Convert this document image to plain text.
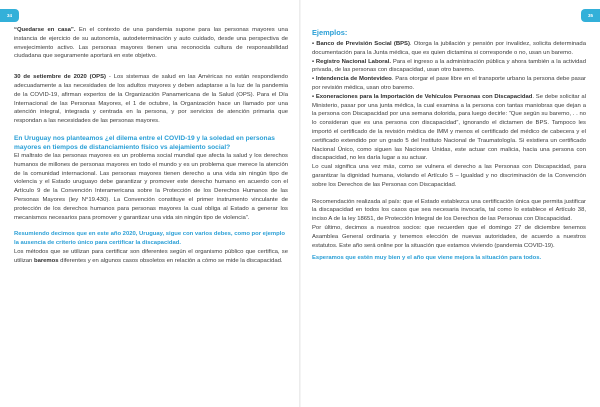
34

“Quedarse en casa”. En el contexto de una pandemia supone para las personas mayores una instancia de ejercicio de su autonomía, autodeterminación y auto cuidado, desde una perspectiva de envejecimiento activo. Las personas mayores tienen una reconocida cultura de responsabilidad ciudadana que seguramente aportará en este objetivo.

30 de setiembre de 2020 (OPS) - Los sistemas de salud en las Américas no están respondiendo adecuadamente a las necesidades de los adultos mayores y deben adaptarse a la luz de la pandemia de la COVID-19, afirman expertos de la Organización Panamericana de la Salud (OPS). Para el Día Internacional de las Personas Mayores, el 1 de octubre, la Organización hace un llamado por una atención integral, integrada y centrada en la persona, y por servicios de atención primaria que respondan a las necesidades de las personas mayores.

En Uruguay nos planteamos ¿el dilema entre el COVID-19 y la soledad en personas mayores en tiempos de distanciamiento físico vs alejamiento social?

El maltrato de las personas mayores es un problema social mundial que afecta la salud y los derechos humanos de millones de personas mayores en todo el mundo y es un problema que merece la atención de la comunidad internacional. Las personas mayores tienen derecho a una vida sin ningún tipo de violencia y el Estado uruguayo debe garantizar y promover este derecho humano en acuerdo con el Artículo 9 de la Convención Interamericana sobre la Protección de los Derechos Humanos de las Personas Mayores (ley N°19.430). La Convención constituye el primer instrumento vinculante de protección de los derechos humanos para personas mayores la cual obliga al Estado a generar los mecanismos necesarios para promover y garantizar una vida sin ningún tipo de violencia”.

Resumiendo decimos que en este año 2020, Uruguay, sigue con varios debes, como por ejemplo la ausencia de criterio único para certificar la discapacidad.

Los métodos que se utilizan para certificar son diferentes según el organismo público que certifica, se utilizan baremos diferentes y en algunos casos obsoletos en relación a cómo se mide la discapacidad.

35
Ejemplos:

• Banco de Previsión Social (BPS). Otorga la jubilación y pensión por invalidez, solicita determinada documentación para la Junta médica, que es quien dictamina si corresponde o no, usan un baremo.

• Registro Nacional Laboral. Para el ingreso a la administración pública y ahora también a la actividad privada, de las personas con discapacidad, usan otro baremo.

• Intendencia de Montevideo. Para otorgar el pase libre en el transporte urbano la persona debe pasar por revisión médica, usan otro baremo.

• Exoneraciones para la Importación de Vehículos Personas con Discapacidad. Se debe solicitar al Ministerio, pasar por una junta médica, la cual examina a la persona con tantas maniobras que dejan a la persona con Discapacidad por una semana dolorida, para luego decirle: “Que según su baremo, . . no lo consideran que es una persona con discapacidad”, ignorando el dictamen de BPS. Tampoco les importó el certificado de la revisión médica de IMM y menos el certificado del médico de cabecera y el certificado extendido por un grado 5 del Instituto Nacional de Traumatología. Si existiera un certificado Nacional Único, como siguen las Naciones Unidas, este actuar con malicia, hacia una persona con discapacidad, no les daría lugar a su actuar.

Lo cual significa una vez más, como se vulnera el derecho a las Personas con Discapacidad, para garantizar la dignidad humana, violando el Artículo 5 – Igualdad y no discriminación de la Convención sobre los Derechos de las Personas con Discapacidad.

Recomendación realizada al país: que el Estado establezca una certificación única que permita justificar la discapacidad en todos los casos que sea necesaria invocarla, tal como lo establece el Artículo 38, inciso A de la ley 18651, de Protección Integral de los Derechos de las Personas con Discapacidad.

Por último, decimos a nuestros socios: que recuerden que el domingo 27 de diciembre tenemos Asamblea General ordinaria y tenemos elección de nuevas autoridades, de acuerdo a nuestros estatutos. Este año será online por la situación que estamos viviendo (pandemia COVID-19).

Esperamos que estén muy bien y el año que viene mejora la situación para todos.
